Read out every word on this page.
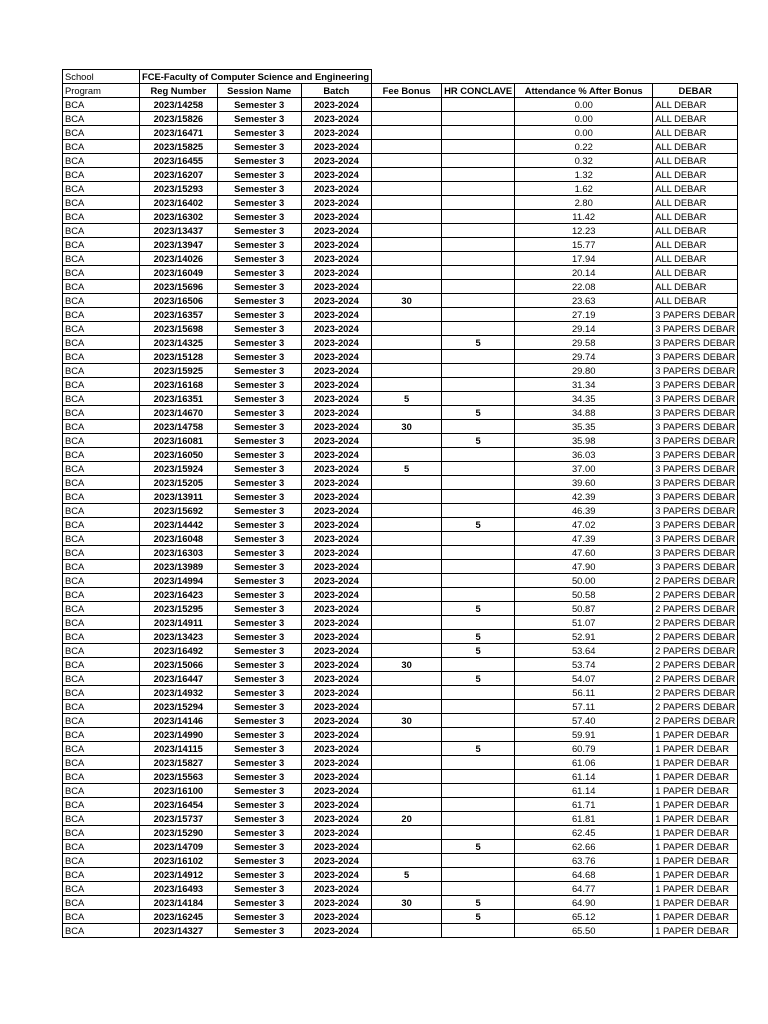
School	FCE-Faculty of Computer Science and Engineering						
Program	Reg Number	Session Name	Batch	Fee Bonus	HR CONCLAVE	Attendance % After Bonus	DEBAR
BCA	2023/14258	Semester 3	2023-2024			0.00	ALL DEBAR
BCA	2023/15826	Semester 3	2023-2024			0.00	ALL DEBAR
BCA	2023/16471	Semester 3	2023-2024			0.00	ALL DEBAR
BCA	2023/15825	Semester 3	2023-2024			0.22	ALL DEBAR
BCA	2023/16455	Semester 3	2023-2024			0.32	ALL DEBAR
BCA	2023/16207	Semester 3	2023-2024			1.32	ALL DEBAR
BCA	2023/15293	Semester 3	2023-2024			1.62	ALL DEBAR
BCA	2023/16402	Semester 3	2023-2024			2.80	ALL DEBAR
BCA	2023/16302	Semester 3	2023-2024			11.42	ALL DEBAR
BCA	2023/13437	Semester 3	2023-2024			12.23	ALL DEBAR
BCA	2023/13947	Semester 3	2023-2024			15.77	ALL DEBAR
BCA	2023/14026	Semester 3	2023-2024			17.94	ALL DEBAR
BCA	2023/16049	Semester 3	2023-2024			20.14	ALL DEBAR
BCA	2023/15696	Semester 3	2023-2024			22.08	ALL DEBAR
BCA	2023/16506	Semester 3	2023-2024	30		23.63	ALL DEBAR
BCA	2023/16357	Semester 3	2023-2024			27.19	3 PAPERS DEBAR
BCA	2023/15698	Semester 3	2023-2024			29.14	3 PAPERS DEBAR
BCA	2023/14325	Semester 3	2023-2024		5	29.58	3 PAPERS DEBAR
BCA	2023/15128	Semester 3	2023-2024			29.74	3 PAPERS DEBAR
BCA	2023/15925	Semester 3	2023-2024			29.80	3 PAPERS DEBAR
BCA	2023/16168	Semester 3	2023-2024			31.34	3 PAPERS DEBAR
BCA	2023/16351	Semester 3	2023-2024	5		34.35	3 PAPERS DEBAR
BCA	2023/14670	Semester 3	2023-2024		5	34.88	3 PAPERS DEBAR
BCA	2023/14758	Semester 3	2023-2024	30		35.35	3 PAPERS DEBAR
BCA	2023/16081	Semester 3	2023-2024		5	35.98	3 PAPERS DEBAR
BCA	2023/16050	Semester 3	2023-2024			36.03	3 PAPERS DEBAR
BCA	2023/15924	Semester 3	2023-2024	5		37.00	3 PAPERS DEBAR
BCA	2023/15205	Semester 3	2023-2024			39.60	3 PAPERS DEBAR
BCA	2023/13911	Semester 3	2023-2024			42.39	3 PAPERS DEBAR
BCA	2023/15692	Semester 3	2023-2024			46.39	3 PAPERS DEBAR
BCA	2023/14442	Semester 3	2023-2024		5	47.02	3 PAPERS DEBAR
BCA	2023/16048	Semester 3	2023-2024			47.39	3 PAPERS DEBAR
BCA	2023/16303	Semester 3	2023-2024			47.60	3 PAPERS DEBAR
BCA	2023/13989	Semester 3	2023-2024			47.90	3 PAPERS DEBAR
BCA	2023/14994	Semester 3	2023-2024			50.00	2 PAPERS DEBAR
BCA	2023/16423	Semester 3	2023-2024			50.58	2 PAPERS DEBAR
BCA	2023/15295	Semester 3	2023-2024		5	50.87	2 PAPERS DEBAR
BCA	2023/14911	Semester 3	2023-2024			51.07	2 PAPERS DEBAR
BCA	2023/13423	Semester 3	2023-2024		5	52.91	2 PAPERS DEBAR
BCA	2023/16492	Semester 3	2023-2024		5	53.64	2 PAPERS DEBAR
BCA	2023/15066	Semester 3	2023-2024	30		53.74	2 PAPERS DEBAR
BCA	2023/16447	Semester 3	2023-2024		5	54.07	2 PAPERS DEBAR
BCA	2023/14932	Semester 3	2023-2024			56.11	2 PAPERS DEBAR
BCA	2023/15294	Semester 3	2023-2024			57.11	2 PAPERS DEBAR
BCA	2023/14146	Semester 3	2023-2024	30		57.40	2 PAPERS DEBAR
BCA	2023/14990	Semester 3	2023-2024			59.91	1 PAPER DEBAR
BCA	2023/14115	Semester 3	2023-2024		5	60.79	1 PAPER DEBAR
BCA	2023/15827	Semester 3	2023-2024			61.06	1 PAPER DEBAR
BCA	2023/15563	Semester 3	2023-2024			61.14	1 PAPER DEBAR
BCA	2023/16100	Semester 3	2023-2024			61.14	1 PAPER DEBAR
BCA	2023/16454	Semester 3	2023-2024			61.71	1 PAPER DEBAR
BCA	2023/15737	Semester 3	2023-2024	20		61.81	1 PAPER DEBAR
BCA	2023/15290	Semester 3	2023-2024			62.45	1 PAPER DEBAR
BCA	2023/14709	Semester 3	2023-2024		5	62.66	1 PAPER DEBAR
BCA	2023/16102	Semester 3	2023-2024			63.76	1 PAPER DEBAR
BCA	2023/14912	Semester 3	2023-2024	5		64.68	1 PAPER DEBAR
BCA	2023/16493	Semester 3	2023-2024			64.77	1 PAPER DEBAR
BCA	2023/14184	Semester 3	2023-2024	30	5	64.90	1 PAPER DEBAR
BCA	2023/16245	Semester 3	2023-2024		5	65.12	1 PAPER DEBAR
BCA	2023/14327	Semester 3	2023-2024			65.50	1 PAPER DEBAR
